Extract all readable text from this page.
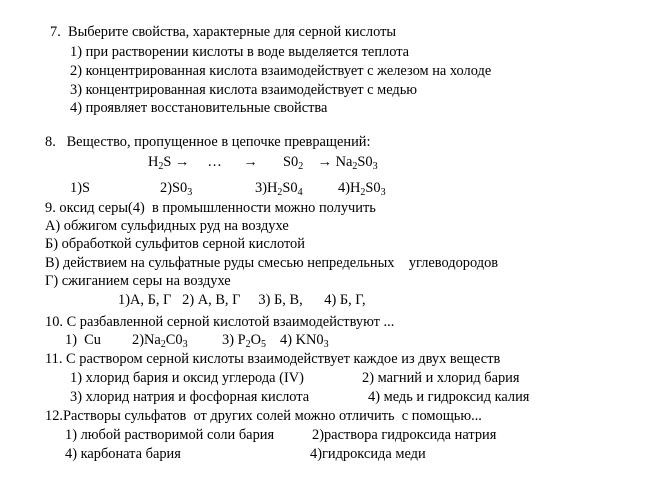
7.  Выберите свойства, характерные для серной кислоты
1) при растворении кислоты в воде выделяется теплота
2) концентрированная кислота взаимодействует с железом на холоде
3) концентрированная кислота взаимодействует с медью
4) проявляет восстановительные свойства
8.   Вещество, пропущенное в цепочке превращений:
$H_2S$ → … → $S0_2 \to Na_2S0_3$
1)S	$2)S0_3$	$3)H_2S0_4$ $4)H_2S0_3$
9. оксид серы(4)  в промышленности можно получить
А) обжигом сульфидных руд на воздухе
Б) обработкой сульфитов серной кислотой
В) действием на сульфатные руды смесью непредельных    углеводородов
Г) сжиганием серы на воздухе
1)А, Б, Г   2) А, В, Г     3) Б, В,      4) Б, Г,
10. С разбавленной серной кислотой взаимодействуют ...
1)  Cu $2)Na_2C0_3$ 3) $P_2O_5$ 4) $KN0_3$
11. С раствором серной кислоты взаимодействует каждое из двух веществ
1) хлорид бария и оксид углерода (IV)	2) магний и хлорид бария
3) хлорид натрия и фосфорная кислота	4) медь и гидроксид калия
12.Растворы сульфатов  от других солей можно отличить  с помощью...
1) любой растворимой соли бария	2)раствора гидроксида натрия
4) карбоната бария	4)гидроксида меди
